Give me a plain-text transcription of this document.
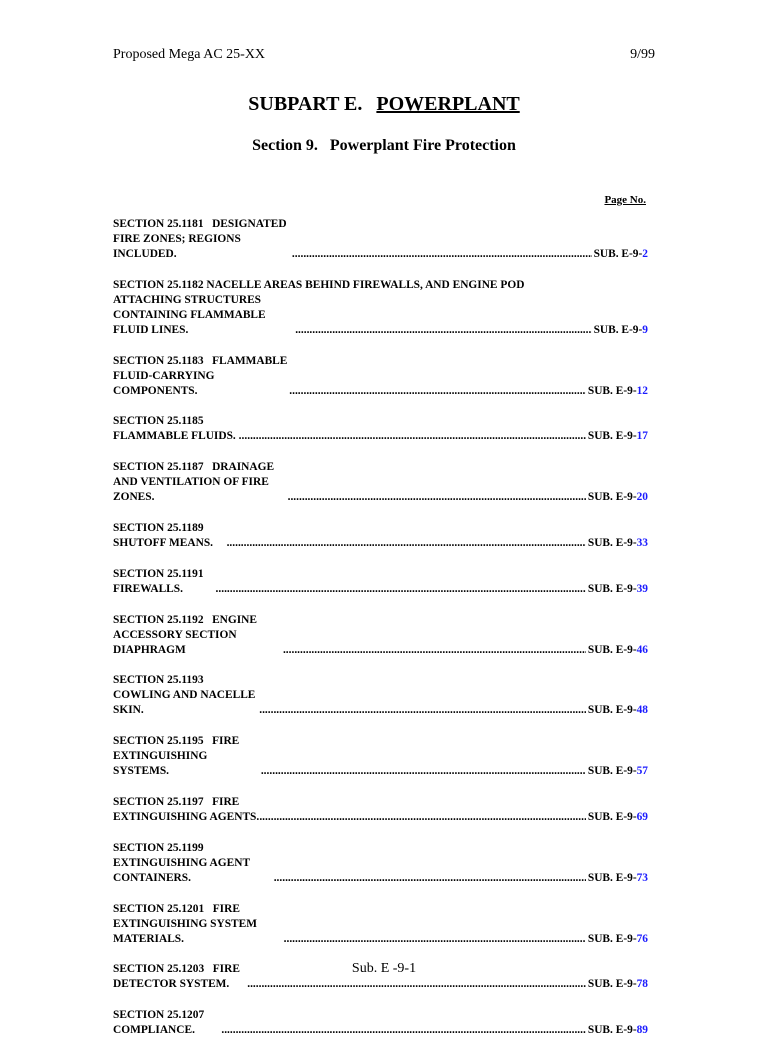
Proposed Mega AC 25-XX	9/99
SUBPART E. POWERPLANT
Section 9. Powerplant Fire Protection
Page No.
SECTION 25.1181 DESIGNATED FIRE ZONES; REGIONS INCLUDED. .....	SUB. E-9-2
SECTION 25.1182 NACELLE AREAS BEHIND FIREWALLS, AND ENGINE POD
ATTACHING STRUCTURES CONTAINING FLAMMABLE FLUID LINES. .....	SUB. E-9-9
SECTION 25.1183 FLAMMABLE FLUID-CARRYING COMPONENTS. .....	SUB. E-9-12
SECTION 25.1185   FLAMMABLE FLUIDS. .....	SUB. E-9-17
SECTION 25.1187 DRAINAGE AND VENTILATION OF FIRE ZONES. .....	SUB. E-9-20
SECTION 25.1189  SHUTOFF MEANS. .....	SUB. E-9-33
SECTION 25.1191   FIREWALLS. .....	SUB. E-9-39
SECTION 25.1192 ENGINE ACCESSORY SECTION DIAPHRAGM .....	SUB. E-9-46
SECTION 25.1193   COWLING AND NACELLE SKIN. .....	SUB. E-9-48
SECTION 25.1195 FIRE EXTINGUISHING SYSTEMS. .....	SUB. E-9-57
SECTION 25.1197 FIRE EXTINGUISHING AGENTS. .....	SUB. E-9-69
SECTION 25.1199   EXTINGUISHING AGENT CONTAINERS. .....	SUB. E-9-73
SECTION 25.1201 FIRE EXTINGUISHING SYSTEM MATERIALS. .....	SUB. E-9-76
SECTION 25.1203 FIRE DETECTOR SYSTEM. .....	SUB. E-9-78
SECTION 25.1207   COMPLIANCE. .....	SUB. E-9-89
Sub. E -9-1
